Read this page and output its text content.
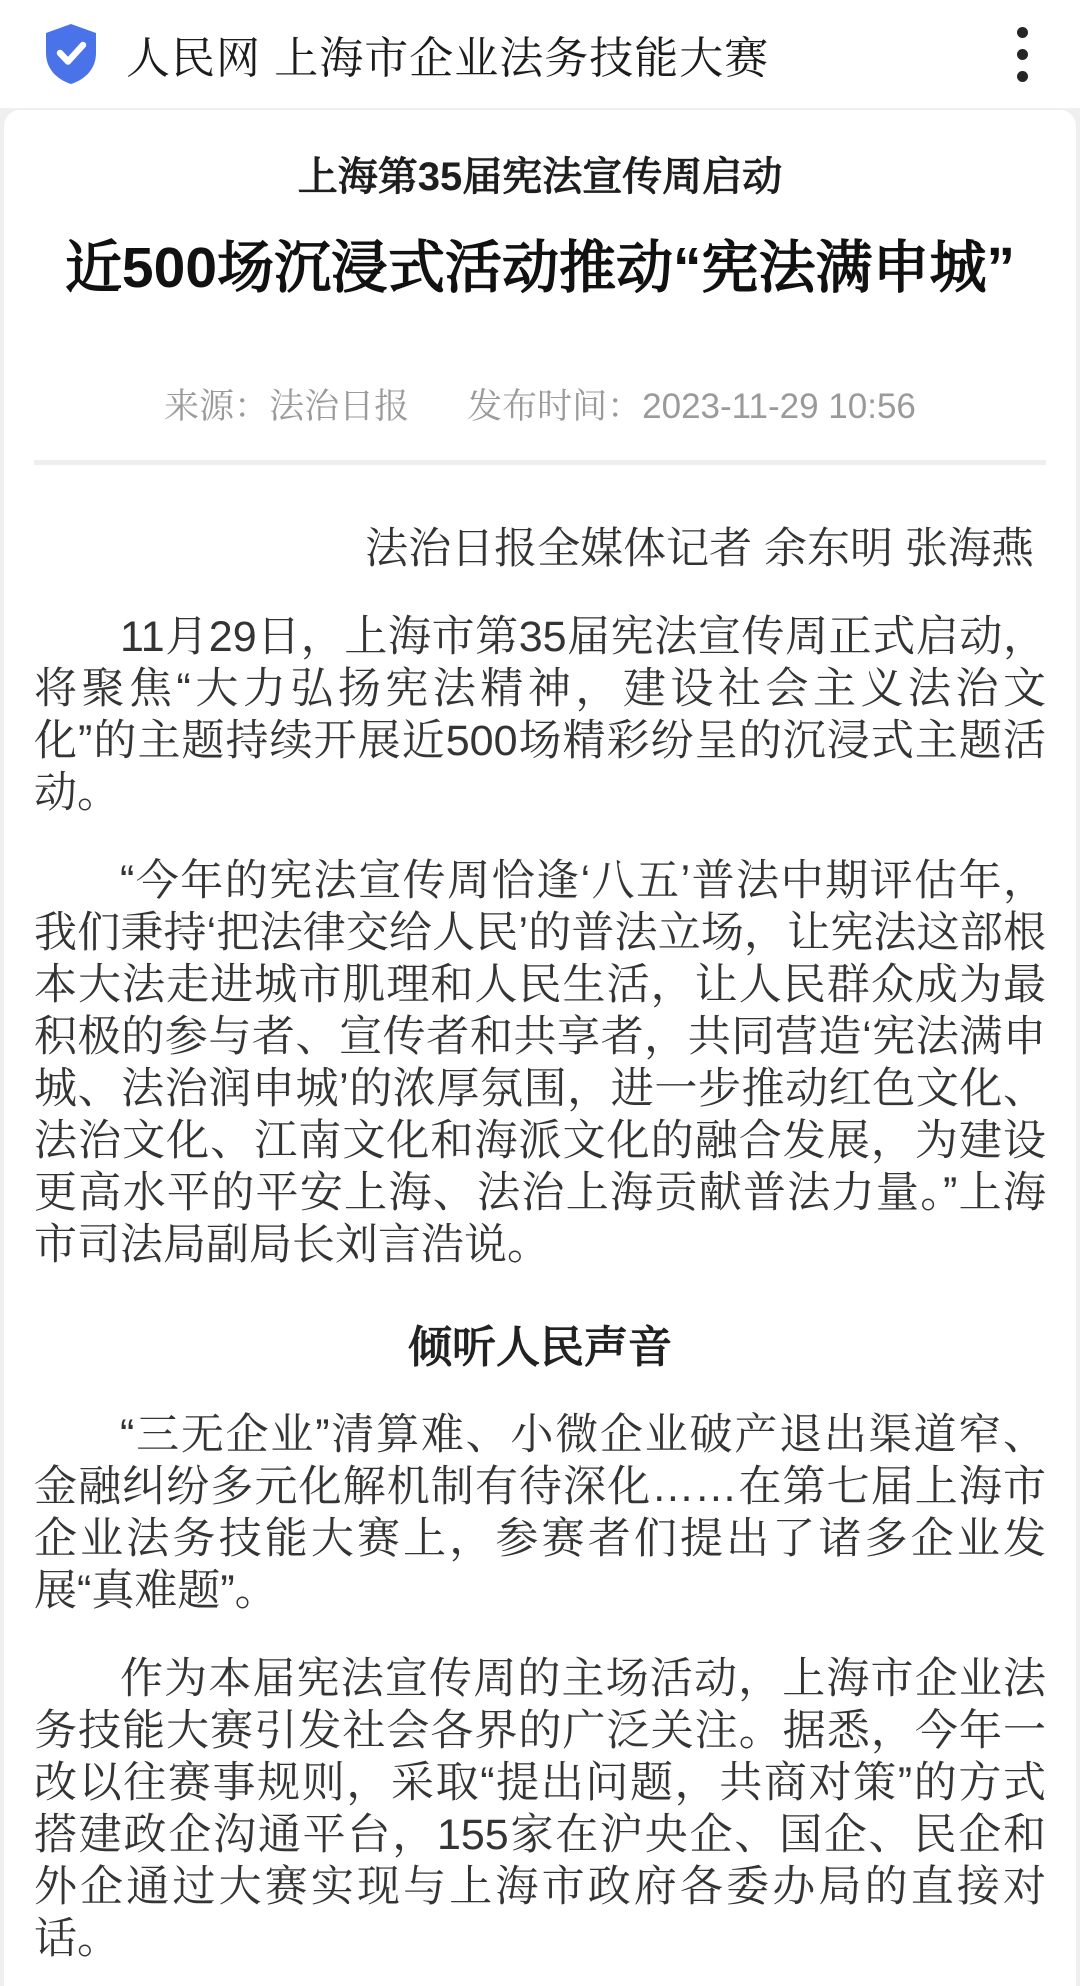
人民网 上海市企业法务技能大赛
上海第35届宪法宣传周启动
近500场沉浸式活动推动“宪法满申城”
来源：法治日报 发布时间：2023-11-29 10:56
法治日报全媒体记者 余东明 张海燕

11月29日，上海市第35届宪法宣传周正式启动，将聚焦“大力弘扬宪法精神，建设社会主义法治文化”的主题持续开展近500场精彩纷呈的沉浸式主题活动。

“今年的宪法宣传周恰逢‘八五’普法中期评估年，我们秉持‘把法律交给人民’的普法立场，让宪法这部根本大法走进城市肌理和人民生活，让人民群众成为最积极的参与者、宣传者和共享者，共同营造‘宪法满申城、法治润申城’的浓厚氛围，进一步推动红色文化、法治文化、江南文化和海派文化的融合发展，为建设更高水平的平安上海、法治上海贡献普法力量。”上海市司法局副局长刘言浩说。

倾听人民声音

“三无企业”清算难、小微企业破产退出渠道窄、金融纠纷多元化解机制有待深化……在第七届上海市企业法务技能大赛上，参赛者们提出了诸多企业发展“真难题”。

作为本届宪法宣传周的主场活动，上海市企业法务技能大赛引发社会各界的广泛关注。据悉，今年一改以往赛事规则，采取“提出问题，共商对策”的方式搭建政企沟通平台，155家在沪央企、国企、民企和外企通过大赛实现与上海市政府各委办局的直接对话。
